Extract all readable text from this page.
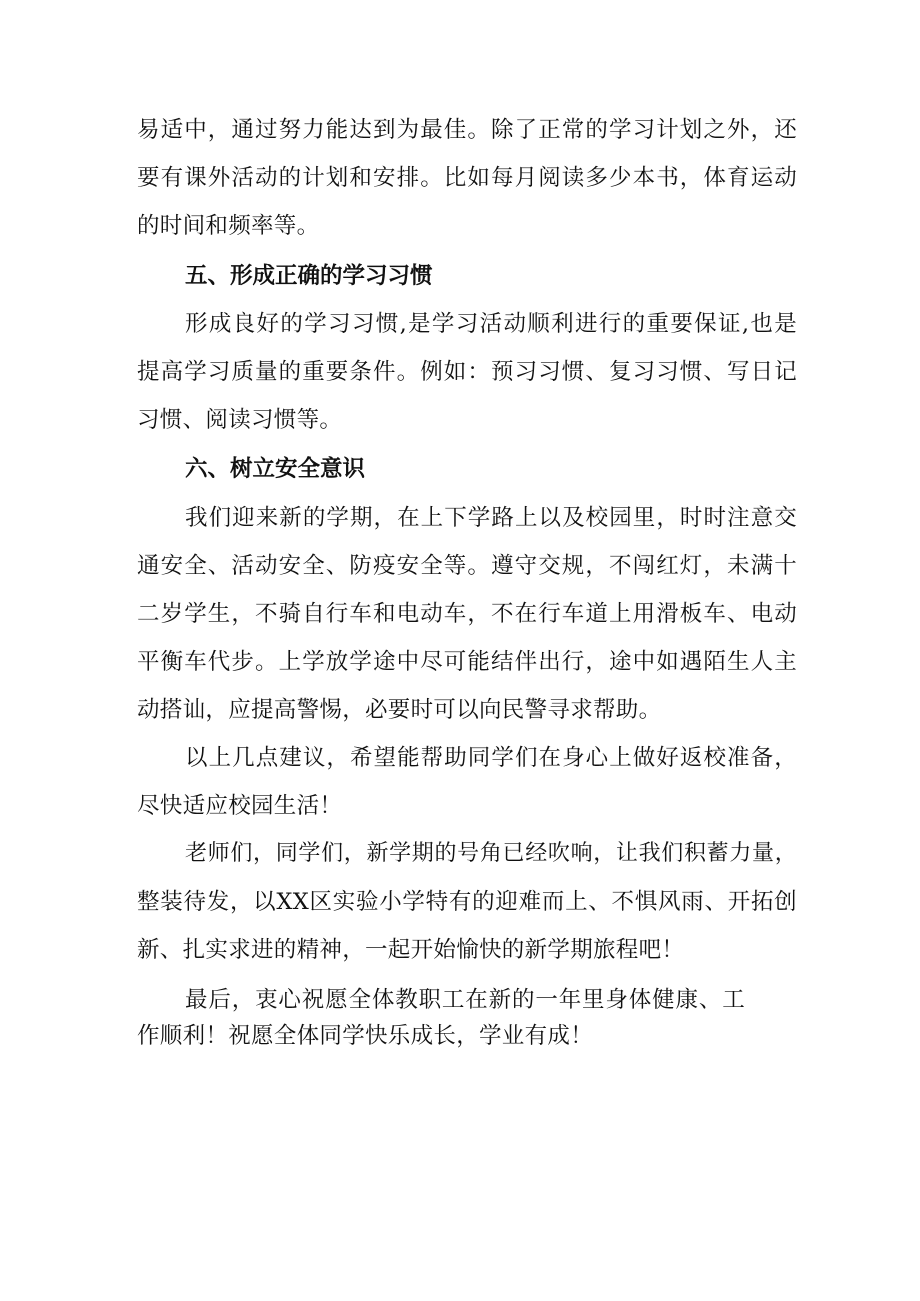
易适中，通过努力能达到为最佳。除了正常的学习计划之外，还
要有课外活动的计划和安排。比如每月阅读多少本书，体育运动
的时间和频率等。
五、形成正确的学习习惯
形成良好的学习习惯,是学习活动顺利进行的重要保证,也是
提高学习质量的重要条件。例如：预习习惯、复习习惯、写日记
习惯、阅读习惯等。
六、树立安全意识
我们迎来新的学期，在上下学路上以及校园里，时时注意交
通安全、活动安全、防疫安全等。遵守交规，不闯红灯，未满十
二岁学生，不骑自行车和电动车，不在行车道上用滑板车、电动
平衡车代步。上学放学途中尽可能结伴出行，途中如遇陌生人主
动搭讪，应提高警惕，必要时可以向民警寻求帮助。
以上几点建议，希望能帮助同学们在身心上做好返校准备，
尽快适应校园生活！
老师们，同学们，新学期的号角已经吹响，让我们积蓄力量，
整装待发，以XX区实验小学特有的迎难而上、不惧风雨、开拓创
新、扎实求进的精神，一起开始愉快的新学期旅程吧！
最后，衷心祝愿全体教职工在新的一年里身体健康、工
作顺利！祝愿全体同学快乐成长，学业有成！
